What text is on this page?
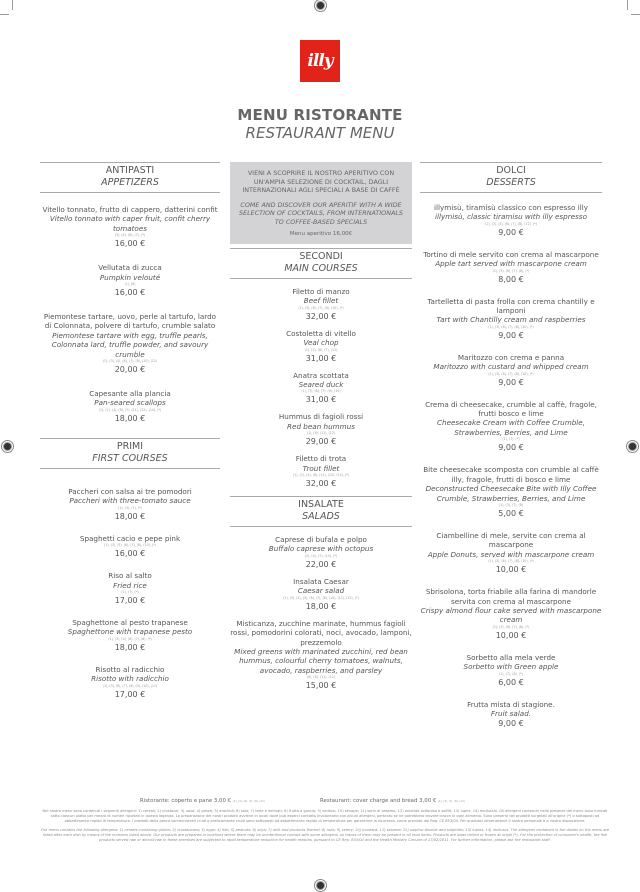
illy
MENU RISTORANTE
RESTAURANT MENU
ANTIPASTI
APPETIZERS
Vitello tonnato, frutto di cappero, datterini confit
Vitello tonnato with caper fruit, confit cherry tomatoes
(3), (4), (6), (7), (*)
16,00 €
Vellutata di zucca
Pumpkin velouté
(1), (6)
16,00 €
Piemontese tartare, uovo, perle al tartufo, lardo di Colonnata, polvere di tartufo, crumble salato
Piemontese tartare with egg, truffle pearls, Colonnata lard, truffle powder, and savoury crumble
(1), (3), (5), (6), (7), (8), (10), (12)
20,00 €
Capesante alla plancia
Pan-seared scallops
(1), (2), (4), (6), (7), (11), (12), (14), (*)
18,00 €
PRIMI
FIRST COURSES
Paccheri con salsa ai tre pomodori
Paccheri with three-tomato sauce
(1), (3), (7), (*)
18,00 €
Spaghetti cacio e pepe pink
(1), (3), (5), (6), (7), (8), (10), (*)
16,00 €
Riso al salto
Fried rice
(1), (7), (*)
17,00 €
Spaghettone al pesto trapanese
Spaghettone with trapanese pesto
(1), (3), (4), (6), (7), (8), (*)
18,00 €
Risotto al radicchio
Risotto with radicchio
(1), (3), (6), (7), (8), (9), (10), (12)
17,00 €
VIENI A SCOPRIRE IL NOSTRO APERITIVO CON UN'AMPIA SELEZIONE DI COCKTAIL, DAGLI INTERNAZIONALI AGLI SPECIALI A BASE DI CAFFÈ
COME AND DISCOVER OUR APERITIF WITH A WIDE SELECTION OF COCKTAILS, FROM INTERNATIONALS TO COFFEE-BASED SPECIALS
Menu aperitivo 16,00€
SECONDI
MAIN COURSES
Filetto di manzo
Beef fillet
(1), (3), (6), (7), (8), (10), (*)
32,00 €
Costoletta di vitello
Veal chop
(1), (3), (6), (7), (12)
31,00 €
Anatra scottata
Seared duck
(1), (7), (8), (7), (9), (10)
31,00 €
Hummus di fagioli rossi
Red bean hummus
(1), (8), (11), (12)
29,00 €
Filetto di trota
Trout fillet
(1), (2), (4), (8), (11), (12), (14), (*)
32,00 €
INSALATE
SALADS
Caprese di bufala e polpo
Buffalo caprese with octopus
(2), (4), (7), (14), (*)
22,00 €
Insalata Caesar
Caesar salad
(1), (3), (4), (5), (6), (7), (8), (10), (11), (12), (*)
18,00 €
Misticanza, zucchine marinate, hummus fagioli rossi, pomodorini colorati, noci, avocado, lamponi, prezzemolo
Mixed greens with marinated zucchini, red bean hummus, colourful cherry tomatoes, walnuts, avocado, raspberries, and parsley
(6), (8), (11), (12)
15,00 €
DOLCI
DESSERTS
illymisù, tiramisù classico con espresso illy
illymisù, classic tiramisu with illy espresso
(1), (3), (5), (6), (7), (8), (12), (*)
9,00 €
Tortino di mele servito con crema al mascarpone
Apple tart served with mascarpone cream
(1), (3), (6), (7), (8), (*)
8,00 €
Tartelletta di pasta frolla con crema chantilly e lamponi
Tart with Chantilly cream and raspberries
(1), (3), (6), (7), (8), (10), (*)
9,00 €
Maritozzo con crema e panna
Maritozzo with custard and whipped cream
(1), (3), (6), (7), (8), (10), (*)
9,00 €
Crema di cheesecake, crumble al caffè, fragole, frutti bosco e lime
Cheesecake Cream with Coffee Crumble, Strawberries, Berries, and Lime
(1), (7), (*)
9,00 €
Bite cheesecake scomposta con crumble al caffè illy, fragole, frutti di bosco e lime
Deconstructed Cheesecake Bite with Illy Coffee Crumble, Strawberries, Berries, and Lime
(1), (3), (7), (8)
5,00 €
Ciambelline di mele, servite con crema al mascarpone
Apple Donuts, served with mascarpone cream
(1), (3), (6), (7), (8), (10), (*)
10,00 €
Sbrisolona, torta friabile alla farina di mandorle servita con crema al mascarpone
Crispy almond flour cake served with mascarpone cream
(1), (3), (6), (7), (8), (*)
10,00 €
Sorbetto alla mela verde
Sorbetto with Green apple
(1), (7), (8), (*)
6,00 €
Frutta mista di stagione.
Fruit salad.
9,00 €
Ristorante: coperto e pane 3,00 € (1), (3), (6), (7), (8), (12)	Restaurant: cover charge and bread 3,00 € (1), (3), (7), (8), (12)
Nel nostro menu sono contenuti i seguenti allergeni: 1) cereali; 2) crostacei; 3) uova; 4) pesce; 5) arachidi; 6) soia; 7) latte e derivati; 8) frutta a guscio; 9) sedano; 10) senape; 11) semi di sesamo; 12) anidride solforosa e solfiti; 13) lupini; 14) molluschi. Gli allergeni contenuti nelle pietanze del menu sono indicati sotto ciascun piatto per mezzo di numeri riportati in questa legenda. La preparazione dei nostri prodotti avviene in locali dove può esserci contatto involontario con alcuni allergeni, pertanto se ne potrebbero trovare tracce in ogni alimento. Sono presenti dei prodotti surgelati all'origine (*) o sottoposti ad abbattimento rapido di temperatura. I prodotti della pesca somministrati crudi o praticamente crudi sono sottoposti ad abbattimento rapido di temperatura per garantirne la sicurezza, come previsto dal Reg. CE 853/04. Per qualsiasi informazione il nostro personale è a vostra disposizione.
Our menu contains the following allergens: 1) cereals containing gluten; 2) crustaceans; 3) eggs; 4) fish; 5) peanuts; 6) soya; 7) milk and products thereof; 8) nuts; 9) celery; 10) mustard; 11) sesame; 12) sulphur dioxide and sulphites; 13) lupins; 14) molluscs. The allergens contained in the dishes on the menu are listed after each dish by means of the numbers listed above. Our products are prepared in locations where there may be unintentional contact with some allergens, so traces of them may be present in all food items. Products are blast chilled or frozen at origin (*). For the protection of consumer's health, the fish products served raw or almost raw in these premises are subjected to rapid temperature reduction for health reasons, pursuant to CE Reg. 853/04 and the Health Ministry Circular of 17/02/2011. For further information, please ask the restaurant staff.
